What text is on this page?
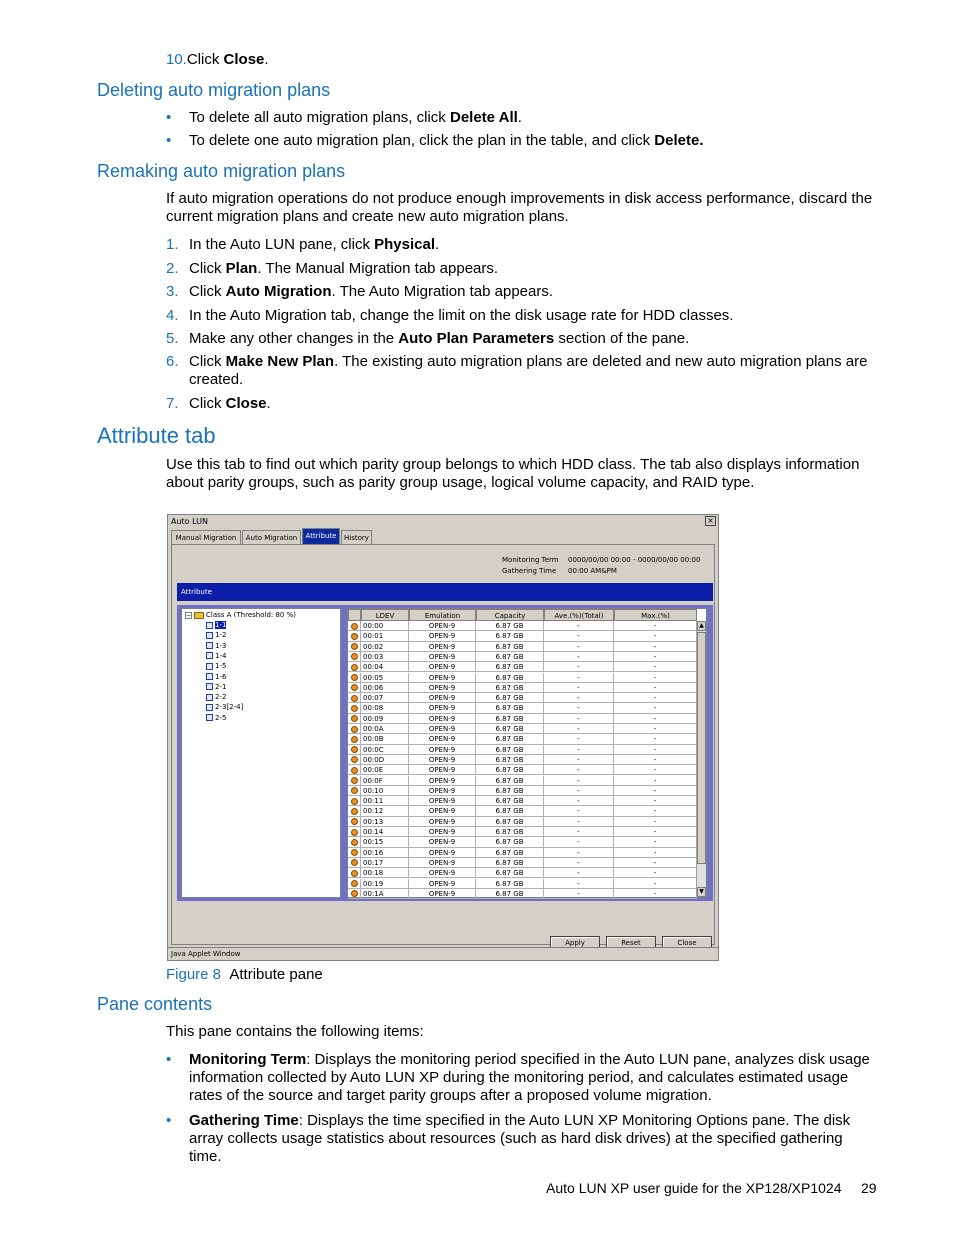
10.Click Close.
Deleting auto migration plans
• To delete all auto migration plans, click Delete All.
• To delete one auto migration plan, click the plan in the table, and click Delete.
Remaking auto migration plans

If auto migration operations do not produce enough improvements in disk access performance, discard the current migration plans and create new auto migration plans.

1. In the Auto LUN pane, click Physical.
2. Click Plan. The Manual Migration tab appears.
3. Click Auto Migration. The Auto Migration tab appears.
4. In the Auto Migration tab, change the limit on the disk usage rate for HDD classes.
5. Make any other changes in the Auto Plan Parameters section of the pane.
6. Click Make New Plan. The existing auto migration plans are deleted and new auto migration plans are created.
7. Click Close.
Attribute tab

Use this tab to find out which parity group belongs to which HDD class. The tab also displays information about parity groups, such as parity group usage, logical volume capacity, and RAID type.

Auto LUN	×
Manual Migration	Auto Migration	Attribute	History
Monitoring Term 0000/00/00 00:00 - 0000/00/00 00:00
Gathering Time 00:00 AM&PM
Attribute
− Class A (Threshold: 80 %)
1-1
1-2
1-3
1-4
1-5
1-6
2-1
2-2
2-3[2-4]
2-5
LDEV	Emulation	Capacity	Ave.(%)(Total)	Max.(%)
00:00	OPEN-9	6.87 GB	-	-
00:01	OPEN-9	6.87 GB	-	-
00:02	OPEN-9	6.87 GB	-	-
00:03	OPEN-9	6.87 GB	-	-
00:04	OPEN-9	6.87 GB	-	-
00:05	OPEN-9	6.87 GB	-	-
00:06	OPEN-9	6.87 GB	-	-
00:07	OPEN-9	6.87 GB	-	-
00:08	OPEN-9	6.87 GB	-	-
00:09	OPEN-9	6.87 GB	-	-
00:0A	OPEN-9	6.87 GB	-	-
00:0B	OPEN-9	6.87 GB	-	-
00:0C	OPEN-9	6.87 GB	-	-
00:0D	OPEN-9	6.87 GB	-	-
00:0E	OPEN-9	6.87 GB	-	-
00:0F	OPEN-9	6.87 GB	-	-
00:10	OPEN-9	6.87 GB	-	-
00:11	OPEN-9	6.87 GB	-	-
00:12	OPEN-9	6.87 GB	-	-
00:13	OPEN-9	6.87 GB	-	-
00:14	OPEN-9	6.87 GB	-	-
00:15	OPEN-9	6.87 GB	-	-
00:16	OPEN-9	6.87 GB	-	-
00:17	OPEN-9	6.87 GB	-	-
00:18	OPEN-9	6.87 GB	-	-
00:19	OPEN-9	6.87 GB	-	-
00:1A	OPEN-9	6.87 GB	-	-
▲
▼
Apply	Reset	Close
Java Applet Window
Figure 8 Attribute pane
Pane contents

This pane contains the following items:

• Monitoring Term: Displays the monitoring period specified in the Auto LUN pane, analyzes disk usage information collected by Auto LUN XP during the monitoring period, and calculates estimated usage rates of the source and target parity groups after a proposed volume migration.

• Gathering Time: Displays the time specified in the Auto LUN XP Monitoring Options pane. The disk array collects usage statistics about resources (such as hard disk drives) at the specified gathering time.

Auto LUN XP user guide for the XP128/XP1024 29
